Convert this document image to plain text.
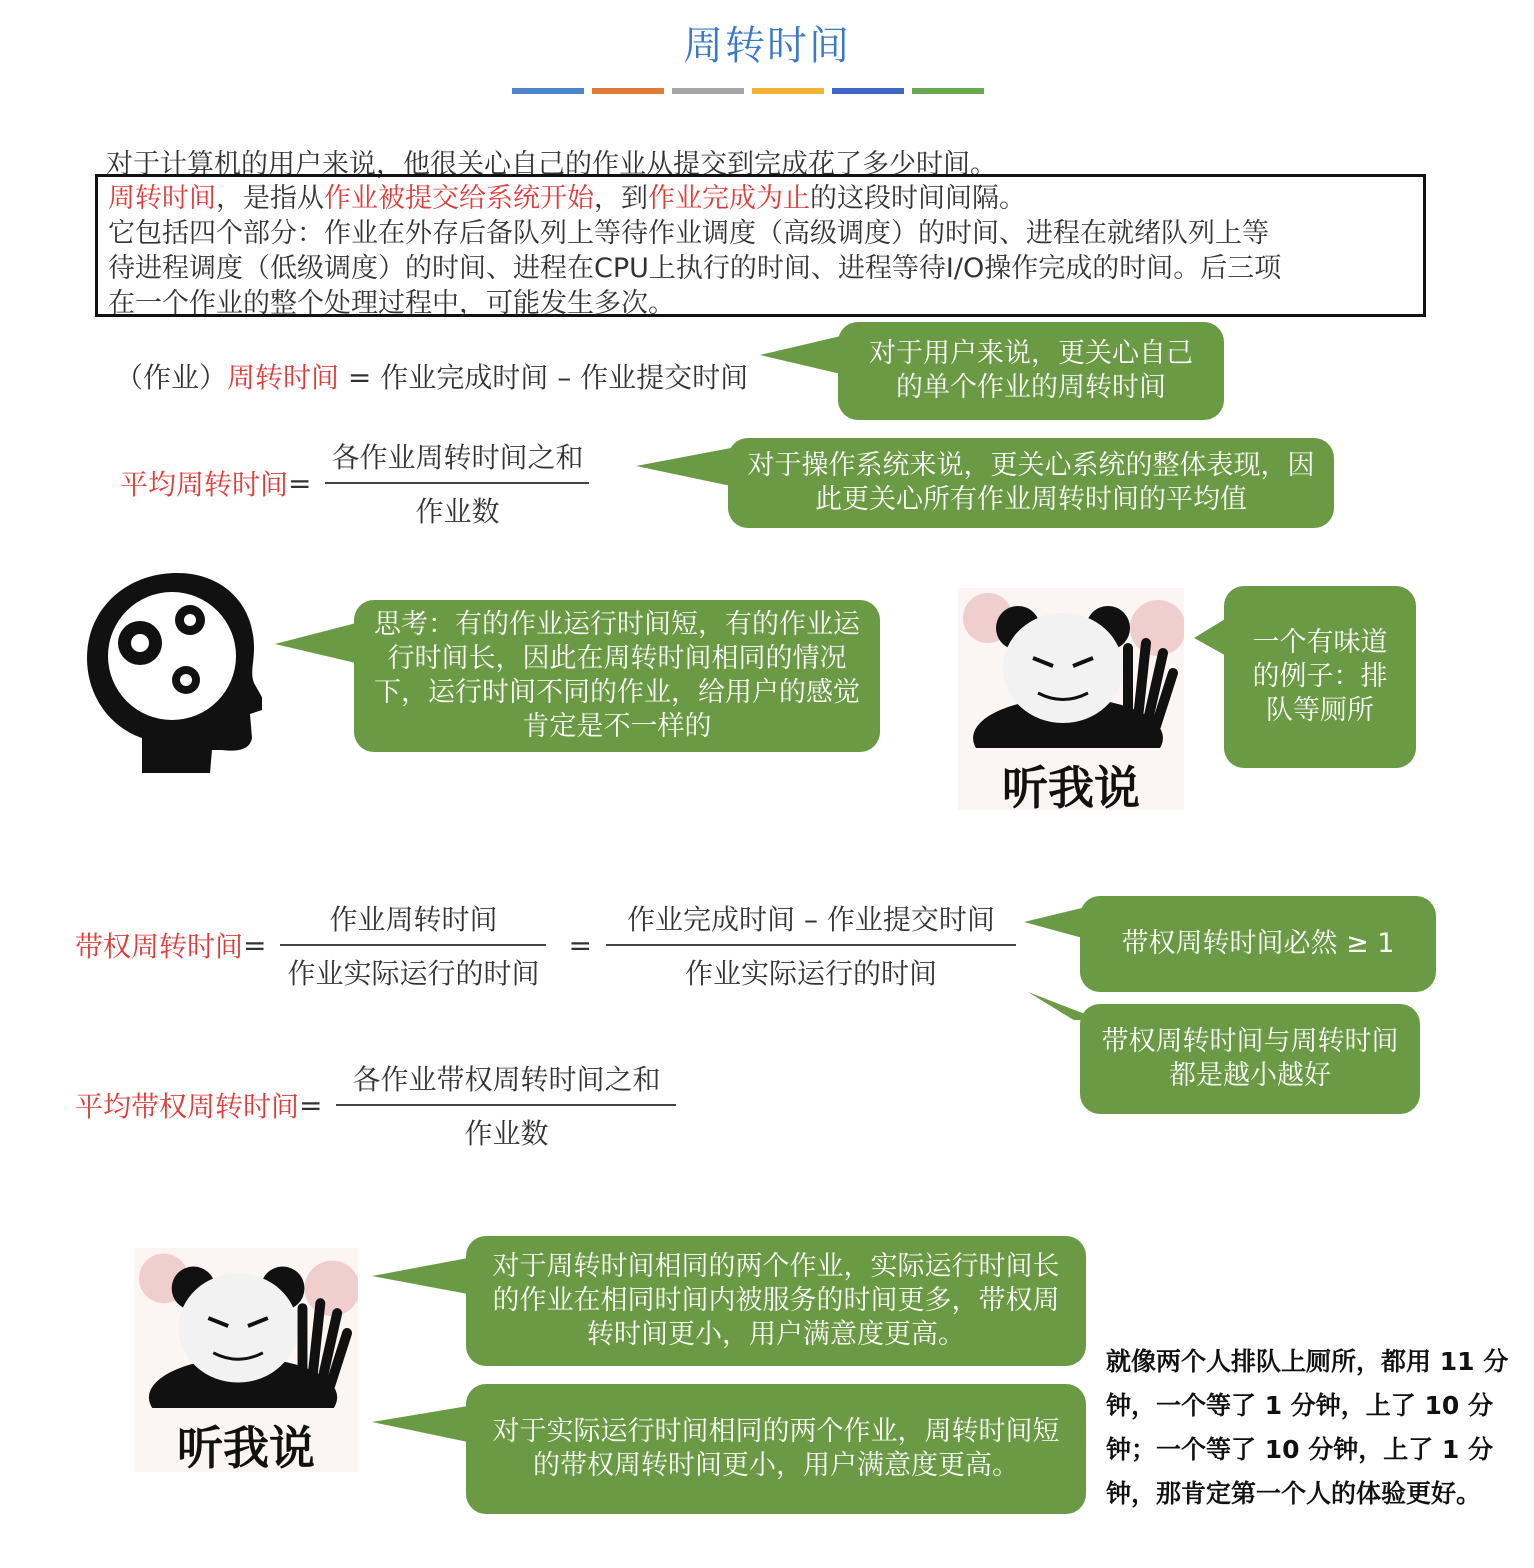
周转时间
对于计算机的用户来说，他很关心自己的作业从提交到完成花了多少时间。
周转时间，是指从作业被提交给系统开始，到作业完成为止的这段时间间隔。
它包括四个部分：作业在外存后备队列上等待作业调度（高级调度）的时间、进程在就绪队列上等
待进程调度（低级调度）的时间、进程在CPU上执行的时间、进程等待I/O操作完成的时间。后三项
在一个作业的整个处理过程中，可能发生多次。
（作业）周转时间 = 作业完成时间 – 作业提交时间
对于用户来说，更关心自己的单个作业的周转时间
平均周转时间 = $\frac{\text{各作业周转时间之和}}{\text{作业数}}$	对于操作系统来说，更关心系统的整体表现，因此更关心所有作业周转时间的平均值
思考：有的作业运行时间短，有的作业运行时间长，因此在周转时间相同的情况下，运行时间不同的作业，给用户的感觉肯定是不一样的
听我说
一个有味道的例子：排队等厕所
带权周转时间 = $\frac{\text{作业周转时间}}{\text{作业实际运行的时间}} = \frac{\text{作业完成时间 – 作业提交时间}}{\text{作业实际运行的时间}}$	带权周转时间必然 ≥ 1
带权周转时间与周转时间都是越小越好
平均带权周转时间 = $\frac{\text{各作业带权周转时间之和}}{\text{作业数}}$
听我说
对于周转时间相同的两个作业，实际运行时间长的作业在相同时间内被服务的时间更多，带权周转时间更小，用户满意度更高。
对于实际运行时间相同的两个作业，周转时间短的带权周转时间更小，用户满意度更高。
就像两个人排队上厕所，都用 11 分钟，一个等了 1 分钟，上了 10 分钟；一个等了 10 分钟，上了 1 分钟，那肯定第一个人的体验更好。
